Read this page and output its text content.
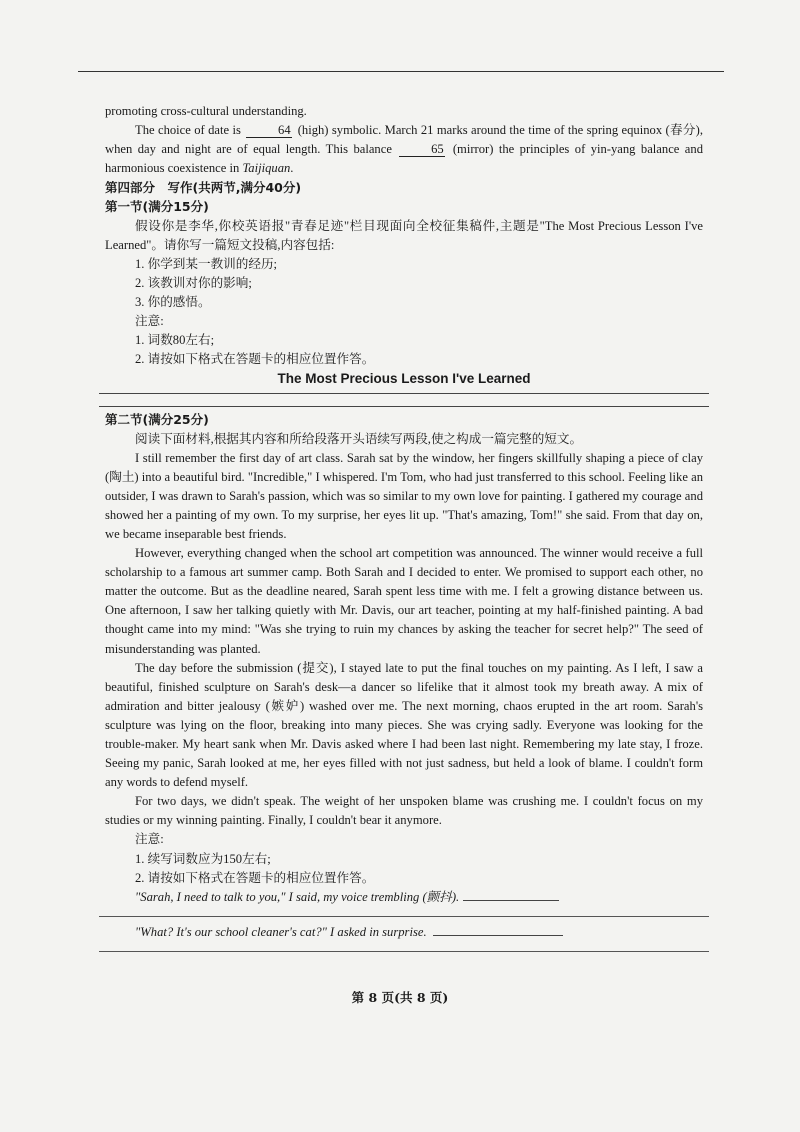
promoting cross-cultural understanding.

The choice of date is	64 (high) symbolic. March 21 marks around the time of the spring equinox (春分), when day and night are of equal length. This balance	65 (mirror) the principles of yin-yang balance and harmonious coexistence in Taijiquan.

第四部分　写作(共两节,满分40分)

第一节(满分15分)

假设你是李华,你校英语报"青春足迹"栏目现面向全校征集稿件,主题是"The Most Precious Lesson I've Learned"。请你写一篇短文投稿,内容包括:

1. 你学到某一教训的经历;

2. 该教训对你的影响;

3. 你的感悟。

注意:

1. 词数80左右;

2. 请按如下格式在答题卡的相应位置作答。

The Most Precious Lesson I've Learned

第二节(满分25分)

阅读下面材料,根据其内容和所给段落开头语续写两段,使之构成一篇完整的短文。

I still remember the first day of art class. Sarah sat by the window, her fingers skillfully shaping a piece of clay (陶土) into a beautiful bird. "Incredible," I whispered. I'm Tom, who had just transferred to this school. Feeling like an outsider, I was drawn to Sarah's passion, which was so similar to my own love for painting. I gathered my courage and showed her a painting of my own. To my surprise, her eyes lit up. "That's amazing, Tom!" she said. From that day on, we became inseparable best friends.

However, everything changed when the school art competition was announced. The winner would receive a full scholarship to a famous art summer camp. Both Sarah and I decided to enter. We promised to support each other, no matter the outcome. But as the deadline neared, Sarah spent less time with me. I felt a growing distance between us. One afternoon, I saw her talking quietly with Mr. Davis, our art teacher, pointing at my half-finished painting. A bad thought came into my mind: "Was she trying to ruin my chances by asking the teacher for secret help?" The seed of misunderstanding was planted.

The day before the submission (提交), I stayed late to put the final touches on my painting. As I left, I saw a beautiful, finished sculpture on Sarah's desk—a dancer so lifelike that it almost took my breath away. A mix of admiration and bitter jealousy (嫉妒) washed over me. The next morning, chaos erupted in the art room. Sarah's sculpture was lying on the floor, breaking into many pieces. She was crying sadly. Everyone was looking for the trouble-maker. My heart sank when Mr. Davis asked where I had been last night. Remembering my late stay, I froze. Seeing my panic, Sarah looked at me, her eyes filled with not just sadness, but held a look of blame. I couldn't form any words to defend myself.

For two days, we didn't speak. The weight of her unspoken blame was crushing me. I couldn't focus on my studies or my winning painting. Finally, I couldn't bear it anymore.

注意:

1. 续写词数应为150左右;

2. 请按如下格式在答题卡的相应位置作答。

"Sarah, I need to talk to you," I said, my voice trembling (颤抖).

"What? It's our school cleaner's cat?" I asked in surprise.

第 8 页(共 8 页)
